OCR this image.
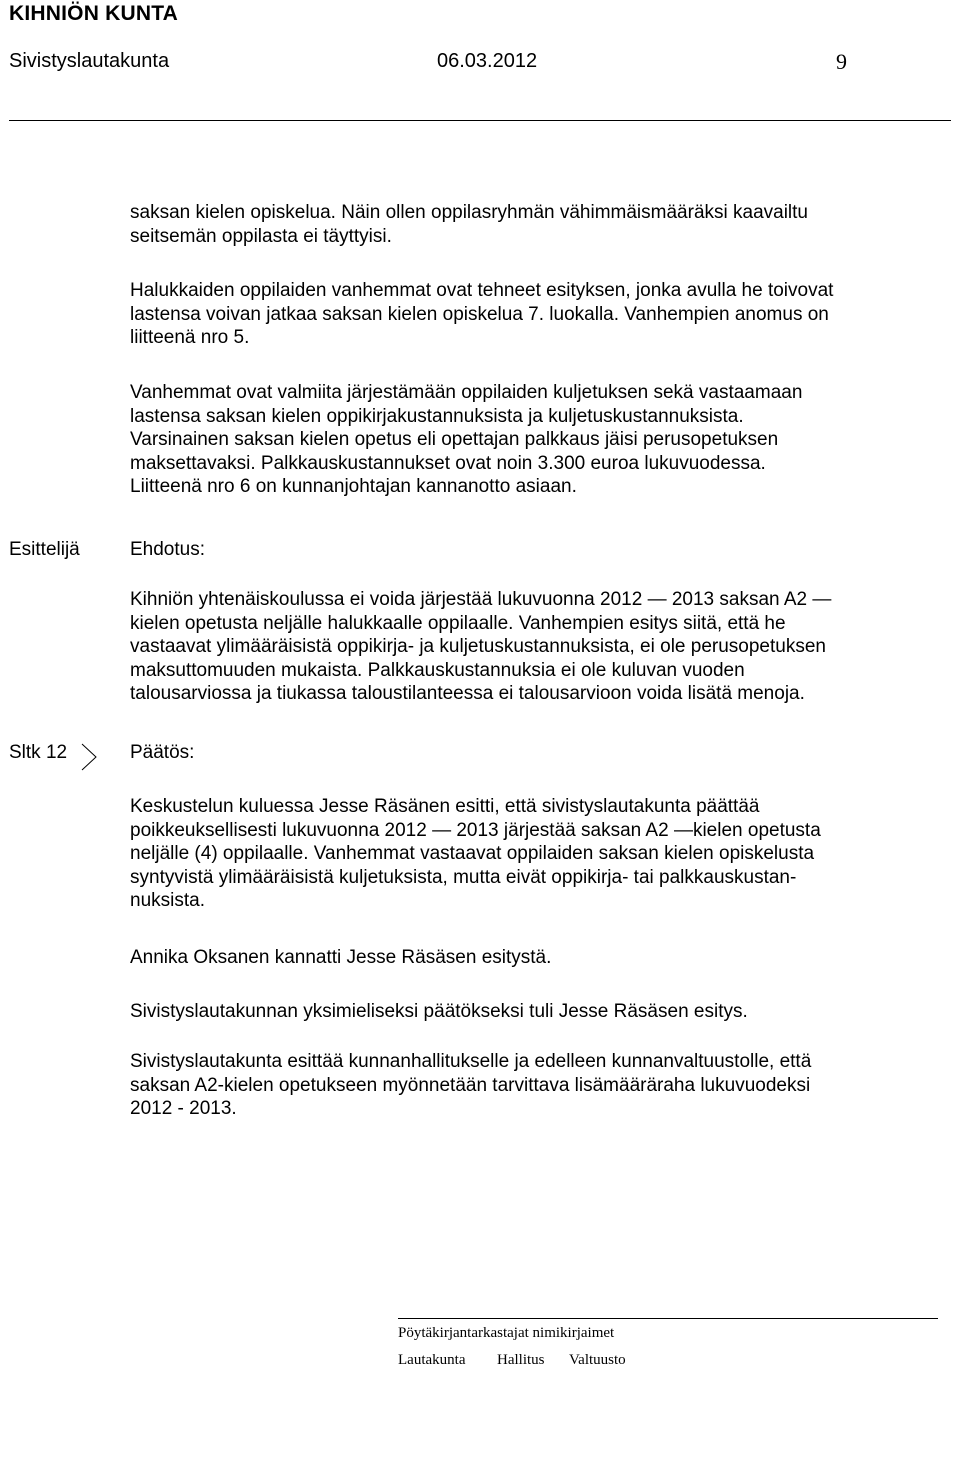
KIHNIÖN KUNTA
Sivistyslautakunta	06.03.2012	9

saksan kielen opiskelua. Näin ollen oppilasryhmän vähimmäismääräksi kaavailtu

seitsemän oppilasta ei täyttyisi.

Halukkaiden oppilaiden vanhemmat ovat tehneet esityksen, jonka avulla he toivovat

lastensa voivan jatkaa saksan kielen opiskelua 7. luokalla. Vanhempien anomus on

liitteenä nro 5.

Vanhemmat ovat valmiita järjestämään oppilaiden kuljetuksen sekä vastaamaan

lastensa saksan kielen oppikirjakustannuksista ja kuljetuskustannuksista.

Varsinainen saksan kielen opetus eli opettajan palkkaus jäisi perusopetuksen

maksettavaksi. Palkkauskustannukset ovat noin 3.300 euroa lukuvuodessa.

Liitteenä nro 6 on kunnanjohtajan kannanotto asiaan.

Esittelijä	Ehdotus:

Kihniön yhtenäiskoulussa ei voida järjestää lukuvuonna 2012 — 2013 saksan A2 —

kielen opetusta neljälle halukkaalle oppilaalle. Vanhempien esitys siitä, että he

vastaavat ylimääräisistä oppikirja- ja kuljetuskustannuksista, ei ole perusopetuksen

maksuttomuuden mukaista. Palkkauskustannuksia ei ole kuluvan vuoden

talousarviossa ja tiukassa taloustilanteessa ei talousarvioon voida lisätä menoja.

Sltk 12	Päätös:

Keskustelun kuluessa Jesse Räsänen esitti, että sivistyslautakunta päättää

poikkeuksellisesti lukuvuonna 2012 — 2013 järjestää saksan A2 —kielen opetusta

neljälle (4) oppilaalle. Vanhemmat vastaavat oppilaiden saksan kielen opiskelusta

syntyvistä ylimääräisistä kuljetuksista, mutta eivät oppikirja- tai palkkauskustan-

nuksista.

Annika Oksanen kannatti Jesse Räsäsen esitystä.
Sivistyslautakunnan yksimieliseksi päätökseksi tuli Jesse Räsäsen esitys.

Sivistyslautakunta esittää kunnanhallitukselle ja edelleen kunnanvaltuustolle, että

saksan A2-kielen opetukseen myönnetään tarvittava lisämääräraha lukuvuodeksi

2012 - 2013.

Pöytäkirjantarkastajat nimikirjaimet
Lautakunta Hallitus Valtuusto
